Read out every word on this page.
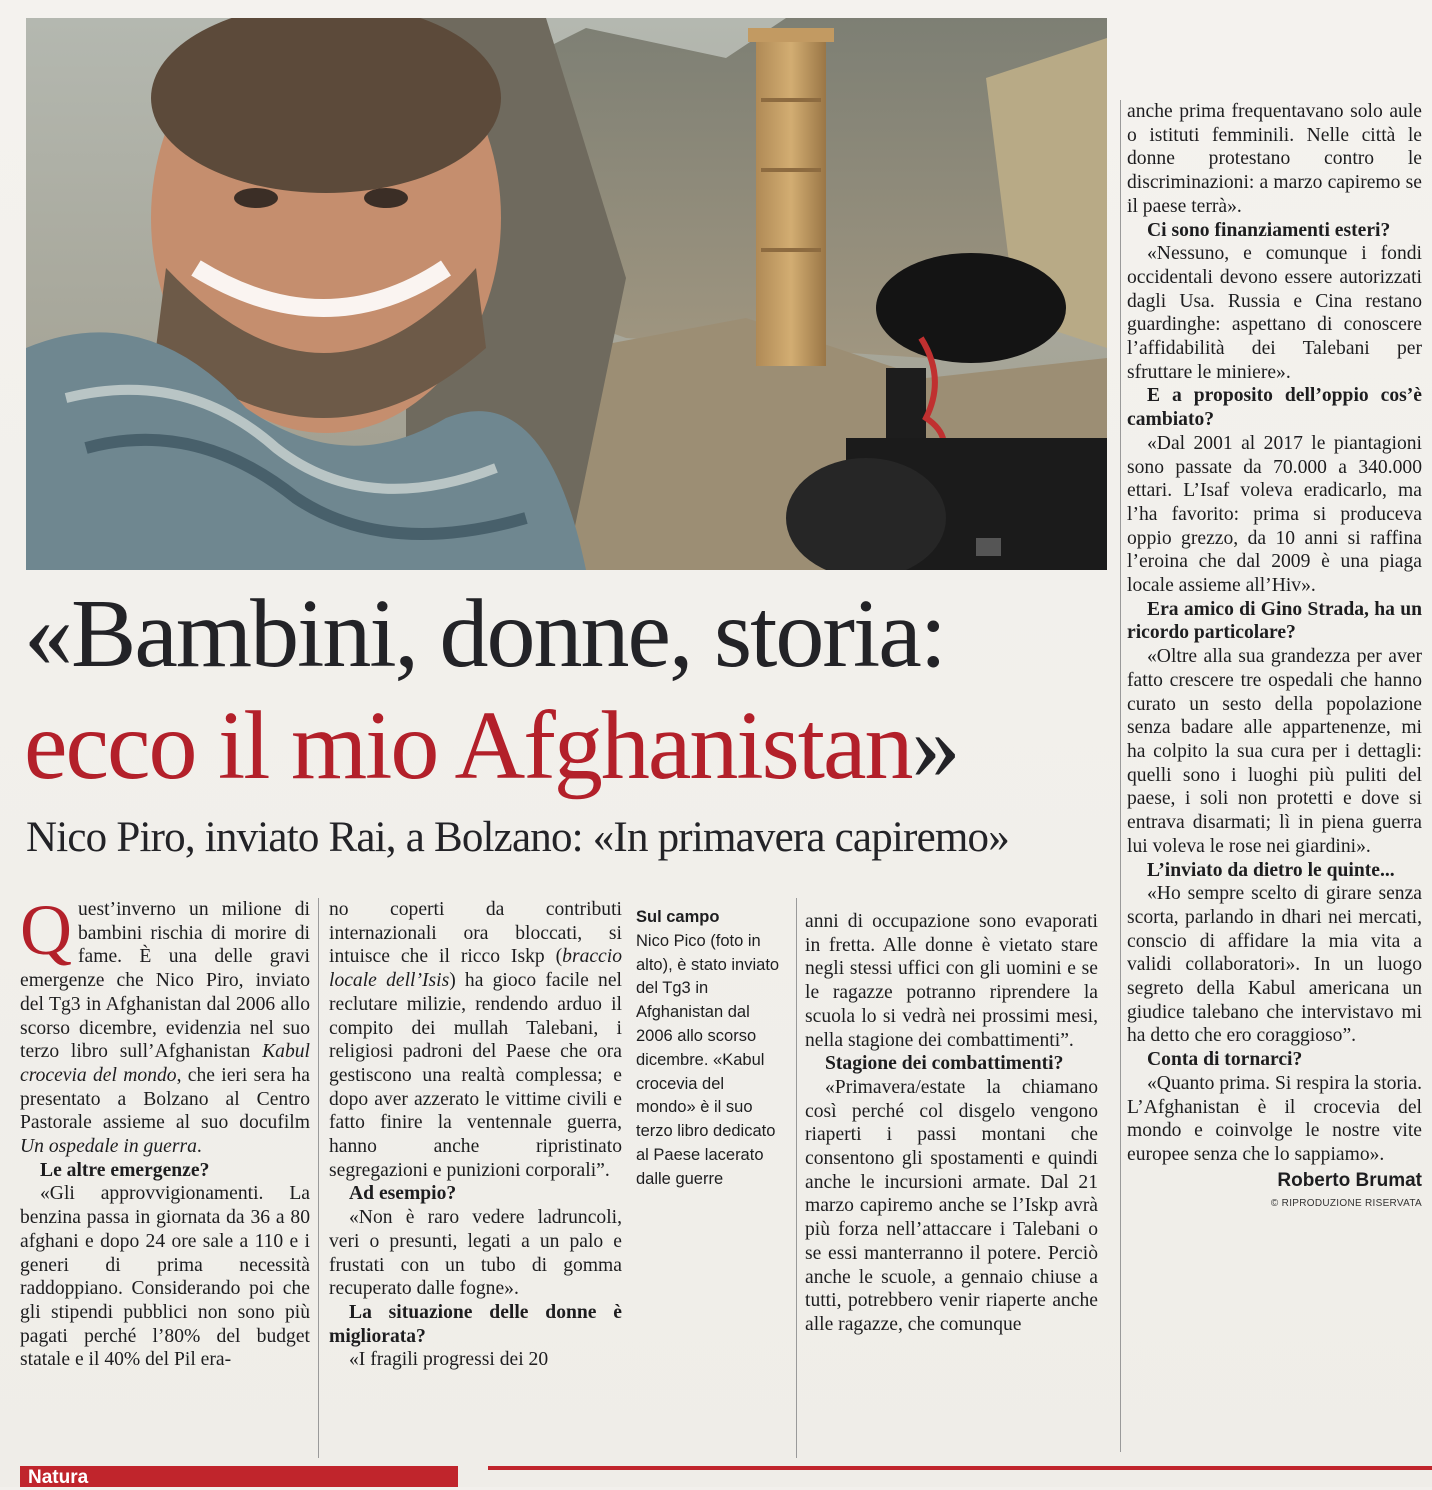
«Bambini, donne, storia:
ecco il mio Afghanistan»
Nico Piro, inviato Rai, a Bolzano: «In primavera capiremo»

Quest’inverno un milione di bambini rischia di morire di fame. È una delle gravi emergenze che Nico Piro, inviato del Tg3 in Afghanistan dal 2006 allo scorso dicembre, evidenzia nel suo terzo libro sull’Afghanistan Kabul crocevia del mondo, che ieri sera ha presentato a Bolzano al Centro Pastorale assieme al suo docufilm Un ospedale in guerra.

Le altre emergenze?

«Gli approvvigionamenti. La benzina passa in giornata da 36 a 80 afghani e dopo 24 ore sale a 110 e i generi di prima necessità raddoppiano. Considerando poi che gli stipendi pubblici non sono più pagati perché l’80% del budget statale e il 40% del Pil era-

no coperti da contributi internazionali ora bloccati, si intuisce che il ricco Iskp (braccio locale dell’Isis) ha gioco facile nel reclutare milizie, rendendo arduo il compito dei mullah Talebani, i religiosi padroni del Paese che ora gestiscono una realtà complessa; e dopo aver azzerato le vittime civili e fatto finire la ventennale guerra, hanno anche ripristinato segregazioni e punizioni corporali”.

Ad esempio?

«Non è raro vedere ladruncoli, veri o presunti, legati a un palo e frustati con un tubo di gomma recuperato dalle fogne».

La situazione delle donne è migliorata?

«I fragili progressi dei 20

Sul campo
Nico Pico (foto in alto), è stato inviato del Tg3 in Afghanistan dal 2006 allo scorso dicembre. «Kabul crocevia del mondo» è il suo terzo libro dedicato al Paese lacerato dalle guerre

anni di occupazione sono evaporati in fretta. Alle donne è vietato stare negli stessi uffici con gli uomini e se le ragazze potranno riprendere la scuola lo si vedrà nei prossimi mesi, nella stagione dei combattimenti”.

Stagione dei combattimenti?

«Primavera/estate la chiamano così perché col disgelo vengono riaperti i passi montani che consentono gli spostamenti e quindi anche le incursioni armate. Dal 21 marzo capiremo anche se l’Iskp avrà più forza nell’attaccare i Talebani o se essi manterranno il potere. Perciò anche le scuole, a gennaio chiuse a tutti, potrebbero venir riaperte anche alle ragazze, che comunque

anche prima frequentavano solo aule o istituti femminili. Nelle città le donne protestano contro le discriminazioni: a marzo capiremo se il paese terrà».

Ci sono finanziamenti esteri?

«Nessuno, e comunque i fondi occidentali devono essere autorizzati dagli Usa. Russia e Cina restano guardinghe: aspettano di conoscere l’affidabilità dei Talebani per sfruttare le miniere».

E a proposito dell’oppio cos’è cambiato?

«Dal 2001 al 2017 le piantagioni sono passate da 70.000 a 340.000 ettari. L’Isaf voleva eradicarlo, ma l’ha favorito: prima si produceva oppio grezzo, da 10 anni si raffina l’eroina che dal 2009 è una piaga locale assieme all’Hiv».

Era amico di Gino Strada, ha un ricordo particolare?

«Oltre alla sua grandezza per aver fatto crescere tre ospedali che hanno curato un sesto della popolazione senza badare alle appartenenze, mi ha colpito la sua cura per i dettagli: quelli sono i luoghi più puliti del paese, i soli non protetti e dove si entrava disarmati; lì in piena guerra lui voleva le rose nei giardini».

L’inviato da dietro le quinte...

«Ho sempre scelto di girare senza scorta, parlando in dhari nei mercati, conscio di affidare la mia vita a validi collaboratori». In un luogo segreto della Kabul americana un giudice talebano che intervistavo mi ha detto che ero coraggioso”.

Conta di tornarci?

«Quanto prima. Si respira la storia. L’Afghanistan è il crocevia del mondo e coinvolge le nostre vite europee senza che lo sappiamo».

Roberto Brumat
© RIPRODUZIONE RISERVATA
Natura
